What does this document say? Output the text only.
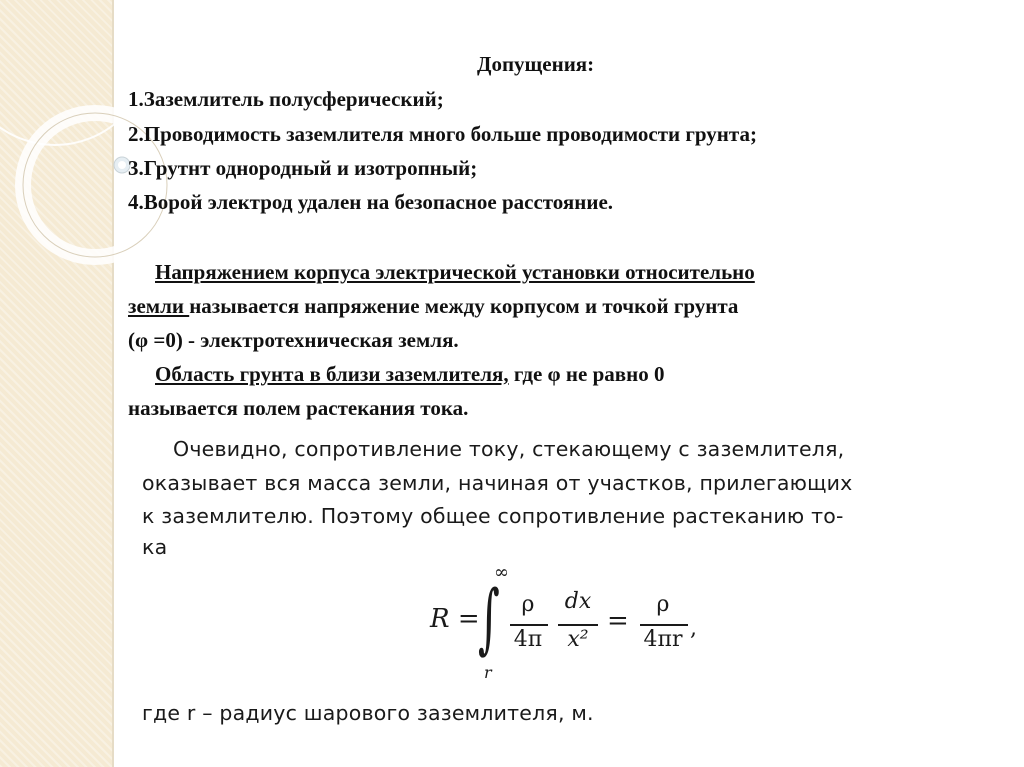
Допущения:
1.Заземлитель полусферический;
2.Проводимость заземлителя много больше проводимости грунта;
3.Грутнт однородный и изотропный;
4.Ворой электрод удален на безопасное расстояние.
Напряжением корпуса электрической установки относительно
земли называется напряжение между корпусом и точкой грунта
(φ =0) - электротехническая земля.
Область грунта в близи заземлителя, где φ не равно 0
называется полем растекания тока.
Очевидно, сопротивление току, стекающему с заземлителя,
оказывает вся масса земли, начиная от участков, прилегающих
к заземлителю. Поэтому общее сопротивление растеканию то-
ка
R =
∫
∞
r
ρ
4π
dx
x²
=
ρ
4πr ,
где r – радиус шарового заземлителя, м.
